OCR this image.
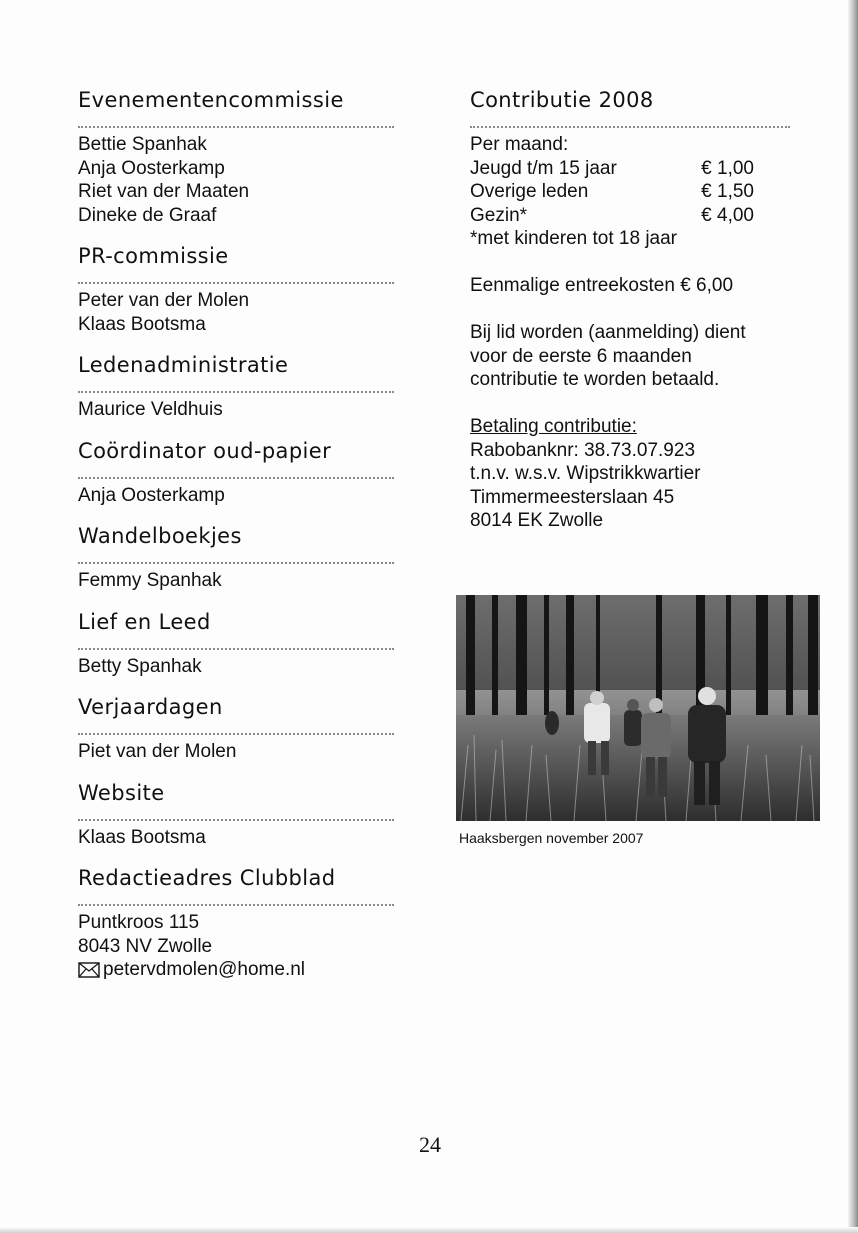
Evenementencommissie
Bettie Spanhak
Anja Oosterkamp
Riet van der Maaten
Dineke de Graaf
PR-commissie
Peter van der Molen
Klaas Bootsma
Ledenadministratie
Maurice Veldhuis
Coördinator oud-papier
Anja Oosterkamp
Wandelboekjes
Femmy Spanhak
Lief en Leed
Betty Spanhak
Verjaardagen
Piet van der Molen
Website
Klaas Bootsma
Redactieadres Clubblad
Puntkroos 115
8043 NV Zwolle
petervdmolen@home.nl
Contributie 2008
Per maand:
Jeugd t/m 15 jaar	€ 1,00
Overige leden	€ 1,50
Gezin*	€ 4,00
*met kinderen tot 18 jaar
Eenmalige entreekosten € 6,00
Bij lid worden (aanmelding) dient
voor de eerste 6 maanden
contributie te worden betaald.
Betaling contributie:
Rabobanknr: 38.73.07.923
t.n.v. w.s.v. Wipstrikkwartier
Timmermeesterslaan 45
8014 EK Zwolle
Haaksbergen november 2007
24
